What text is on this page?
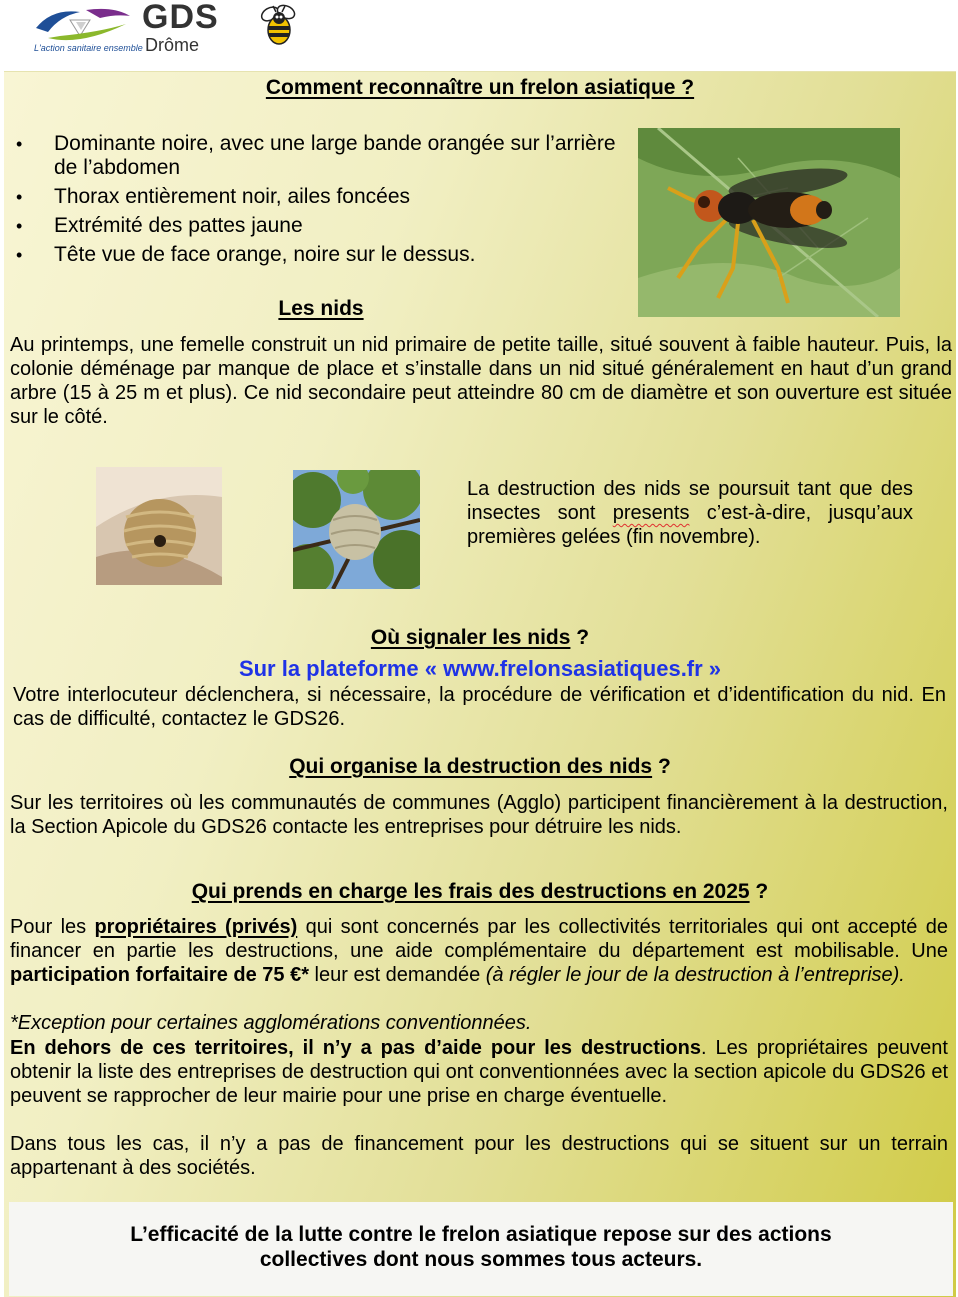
L'action sanitaire ensemble
GDS
Drôme
Comment reconnaître un frelon asiatique ?
• Dominante noire, avec une large bande orangée sur l’arrière de l’abdomen
• Thorax entièrement noir, ailes foncées
• Extrémité des pattes jaune
• Tête vue de face orange, noire sur le dessus.
Les nids
Au printemps, une femelle construit un nid primaire de petite taille, situé souvent à faible hauteur. Puis, la colonie déménage par manque de place et s’installe dans un nid situé généralement en haut d’un grand arbre (15 à 25 m et plus). Ce nid secondaire peut atteindre 80 cm de diamètre et son ouverture est située sur le côté.
La destruction des nids se poursuit tant que des insectes sont presents c’est-à-dire, jusqu’aux premières gelées (fin novembre).
Où signaler les nids ?
Sur la plateforme « www.frelonsasiatiques.fr »
Votre interlocuteur déclenchera, si nécessaire, la procédure de vérification et d’identification du nid. En cas de difficulté, contactez le GDS26.
Qui organise la destruction des nids ?
Sur les territoires où les communautés de communes (Agglo) participent financièrement à la destruction, la Section Apicole du GDS26 contacte les entreprises pour détruire les nids.
Qui prends en charge les frais des destructions en 2025 ?
Pour les propriétaires (privés) qui sont concernés par les collectivités territoriales qui ont accepté de financer en partie les destructions, une aide complémentaire du département est mobilisable. Une participation forfaitaire de 75 €* leur est demandée (à régler le jour de la destruction à l’entreprise).
*Exception pour certaines agglomérations conventionnées.
En dehors de ces territoires, il n’y a pas d’aide pour les destructions. Les propriétaires peuvent obtenir la liste des entreprises de destruction qui ont conventionnées avec la section apicole du GDS26 et peuvent se rapprocher de leur mairie pour une prise en charge éventuelle.
Dans tous les cas, il n’y a pas de financement pour les destructions qui se situent sur un terrain appartenant à des sociétés.

L’efficacité de la lutte contre le frelon asiatique repose sur des actions
collectives dont nous sommes tous acteurs.
